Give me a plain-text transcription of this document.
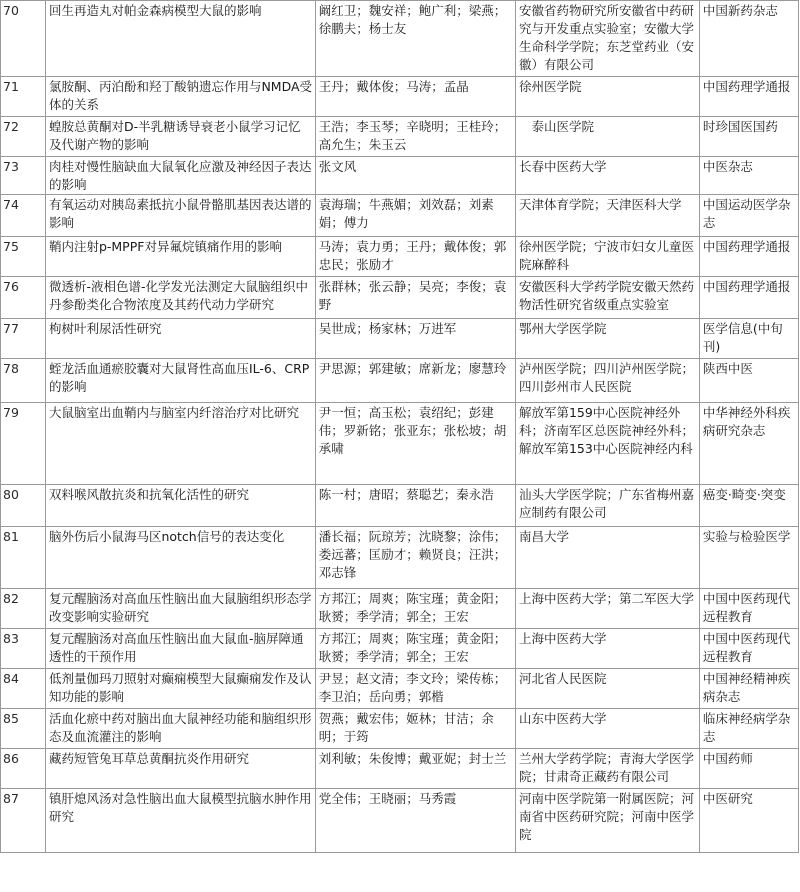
70	回生再造丸对帕金森病模型大鼠的影响	阚红卫；魏安祥；鲍广利；梁燕；徐鹏夫；杨士友	安徽省药物研究所安徽省中药研究与开发重点实验室；安徽大学生命科学学院；东芝堂药业（安徽）有限公司	中国新药杂志
71	氯胺酮、丙泊酚和羟丁酸钠遗忘作用与NMDA受体的关系	王丹；戴体俊；马涛；孟晶	徐州医学院	中国药理学通报
72	蝗胺总黄酮对D-半乳糖诱导衰老小鼠学习记忆及代谢产物的影响	王浩；李玉琴；辛晓明；王桂玲；高允生；朱玉云	　泰山医学院	时珍国医国药
73	肉桂对慢性脑缺血大鼠氧化应激及神经因子表达的影响	张文风	长春中医药大学	中医杂志
74	有氧运动对胰岛素抵抗小鼠骨骼肌基因表达谱的影响	袁海瑞；牛燕媚；刘效磊；刘素娟；傅力	天津体育学院；天津医科大学	中国运动医学杂志
75	鞘内注射p-MPPF对异氟烷镇痛作用的影响	马涛；袁力勇；王丹；戴体俊；郭忠民；张励才	徐州医学院；宁波市妇女儿童医院麻醉科	中国药理学通报
76	微透析-液相色谱-化学发光法测定大鼠脑组织中丹参酚类化合物浓度及其药代动力学研究	张群林；张云静；吴亮；李俊；袁野	安徽医科大学药学院安徽天然药物活性研究省级重点实验室	中国药理学通报
77	枸树叶利尿活性研究	吴世成；杨家林；万进军	鄂州大学医学院	医学信息(中旬刊)
78	蛭龙活血通瘀胶囊对大鼠肾性高血压IL-6、CRP的影响	尹思源；郭建敏；席新龙；廖慧玲	泸州医学院；四川泸州医学院；四川彭州市人民医院	陕西中医
79	大鼠脑室出血鞘内与脑室内纤溶治疗对比研究	尹一恒；高玉松；袁绍纪；彭建伟；罗新铭；张亚东；张松坡；胡承啸	解放军第159中心医院神经外科；济南军区总医院神经外科；解放军第153中心医院神经内科	中华神经外科疾病研究杂志
80	双料喉风散抗炎和抗氧化活性的研究	陈一村；唐昭；蔡聪艺；秦永浩	汕头大学医学院；广东省梅州嘉应制药有限公司	癌变·畸变·突变
81	脑外伤后小鼠海马区notch信号的表达变化	潘长福；阮琼芳；沈晓黎；涂伟；娄远蕃；匡励才；赖贤良；汪洪；邓志锋	南昌大学	实验与检验医学
82	复元醒脑汤对高血压性脑出血大鼠脑组织形态学改变影响实验研究	方邦江；周爽；陈宝瑾；黄金阳；耿赟；季学清；郭全；王宏	上海中医药大学；第二军医大学	中国中医药现代远程教育
83	复元醒脑汤对高血压性脑出血大鼠血-脑屏障通透性的干预作用	方邦江；周爽；陈宝瑾；黄金阳；耿赟；季学清；郭全；王宏	上海中医药大学	中国中医药现代远程教育
84	低剂量伽玛刀照射对癫痫模型大鼠癫痫发作及认知功能的影响	尹昱；赵文清；李文玲；梁传栋；李卫泊；岳向勇；郭楷	河北省人民医院	中国神经精神疾病杂志
85	活血化瘀中药对脑出血大鼠神经功能和脑组织形态及血流灌注的影响	贺燕；戴宏伟；姬林；甘洁；余明；于筠	山东中医药大学	临床神经病学杂志
86	藏药短管兔耳草总黄酮抗炎作用研究	刘利敏；朱俊博；戴亚妮；封士兰	兰州大学药学院；青海大学医学院；甘肃奇正藏药有限公司	中国药师
87	镇肝熄风汤对急性脑出血大鼠模型抗脑水肿作用研究	党全伟；王晓丽；马秀霞	河南中医学院第一附属医院；河南省中医药研究院；河南中医学院	中医研究
